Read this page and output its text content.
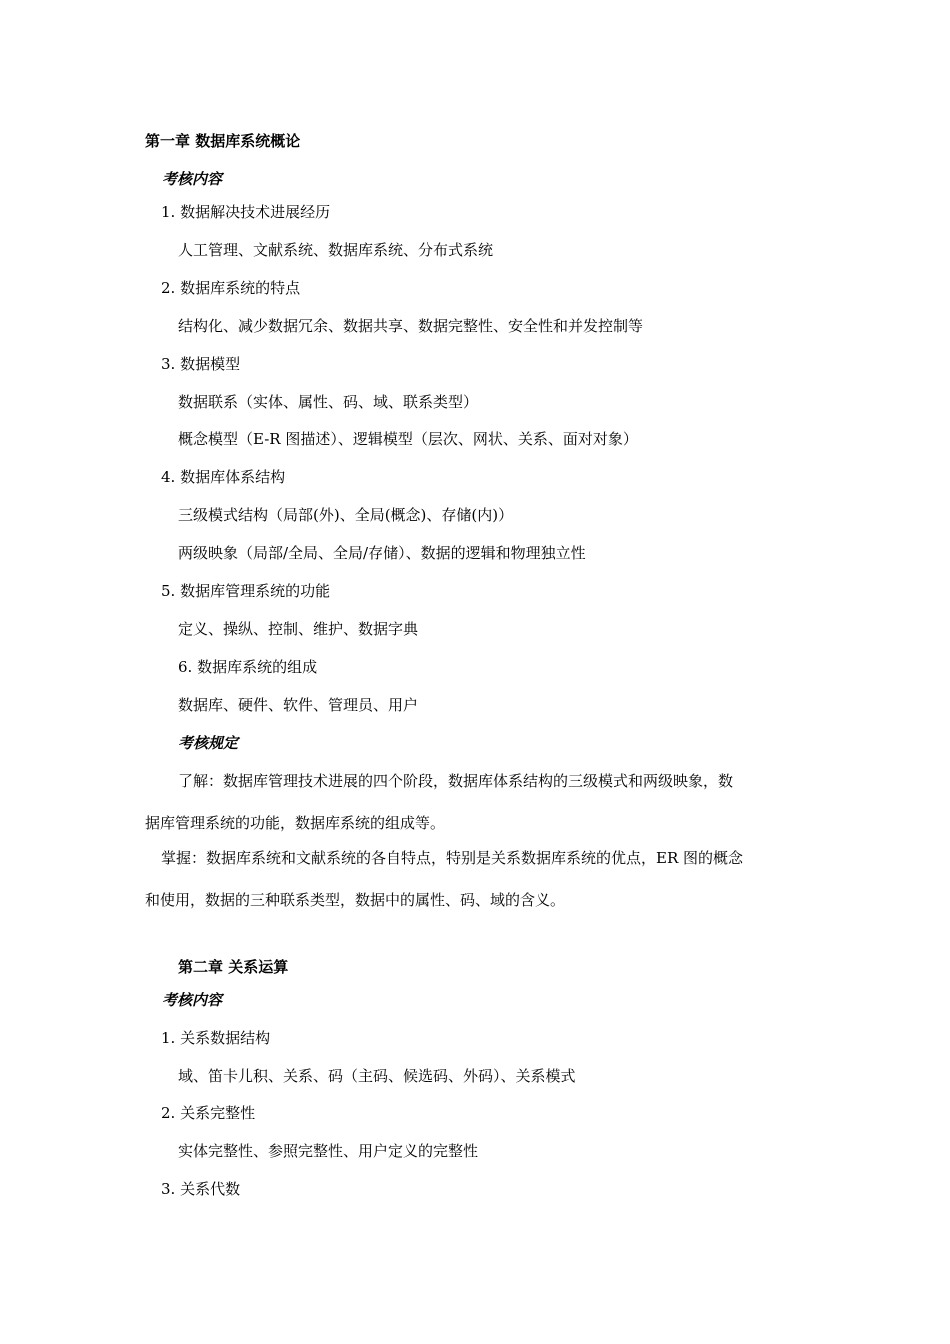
第一章 数据库系统概论
考核内容
1. 数据解决技术进展经历
人工管理、文献系统、数据库系统、分布式系统
2. 数据库系统的特点
结构化、减少数据冗余、数据共享、数据完整性、安全性和并发控制等
3. 数据模型
数据联系（实体、属性、码、域、联系类型）
概念模型（E-R 图描述）、逻辑模型（层次、网状、关系、面对对象）
4. 数据库体系结构
三级模式结构（局部(外)、全局(概念)、存储(内)）
两级映象（局部/全局、全局/存储）、数据的逻辑和物理独立性
5. 数据库管理系统的功能
定义、操纵、控制、维护、数据字典
6. 数据库系统的组成
数据库、硬件、软件、管理员、用户
考核规定
了解：数据库管理技术进展的四个阶段，数据库体系结构的三级模式和两级映象，数
据库管理系统的功能，数据库系统的组成等。
掌握：数据库系统和文献系统的各自特点，特别是关系数据库系统的优点，ER 图的概念
和使用，数据的三种联系类型，数据中的属性、码、域的含义。
第二章 关系运算
考核内容
1. 关系数据结构
域、笛卡儿积、关系、码（主码、候选码、外码）、关系模式
2. 关系完整性
实体完整性、参照完整性、用户定义的完整性
3. 关系代数
